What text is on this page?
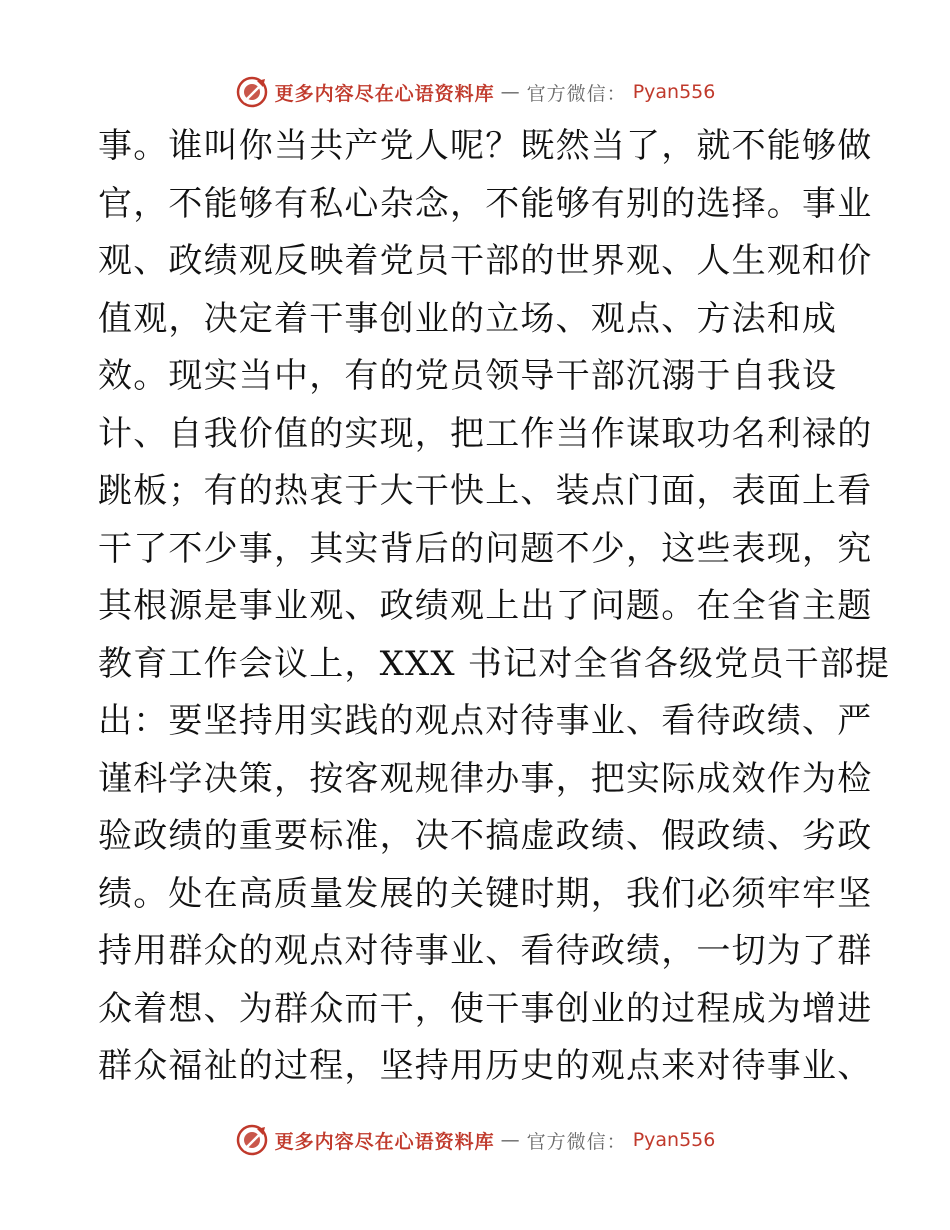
更多内容尽在心语资料库 — 官方微信： Pyan556
事。谁叫你当共产党人呢？既然当了，就不能够做
官，不能够有私心杂念，不能够有别的选择。事业
观、政绩观反映着党员干部的世界观、人生观和价
值观，决定着干事创业的立场、观点、方法和成
效。现实当中，有的党员领导干部沉溺于自我设
计、自我价值的实现，把工作当作谋取功名利禄的
跳板；有的热衷于大干快上、装点门面，表面上看
干了不少事，其实背后的问题不少，这些表现，究
其根源是事业观、政绩观上出了问题。在全省主题
教育工作会议上，XXX 书记对全省各级党员干部提
出：要坚持用实践的观点对待事业、看待政绩、严
谨科学决策，按客观规律办事，把实际成效作为检
验政绩的重要标准，决不搞虚政绩、假政绩、劣政
绩。处在高质量发展的关键时期，我们必须牢牢坚
持用群众的观点对待事业、看待政绩，一切为了群
众着想、为群众而干，使干事创业的过程成为增进
群众福祉的过程，坚持用历史的观点来对待事业、
更多内容尽在心语资料库 — 官方微信： Pyan556
